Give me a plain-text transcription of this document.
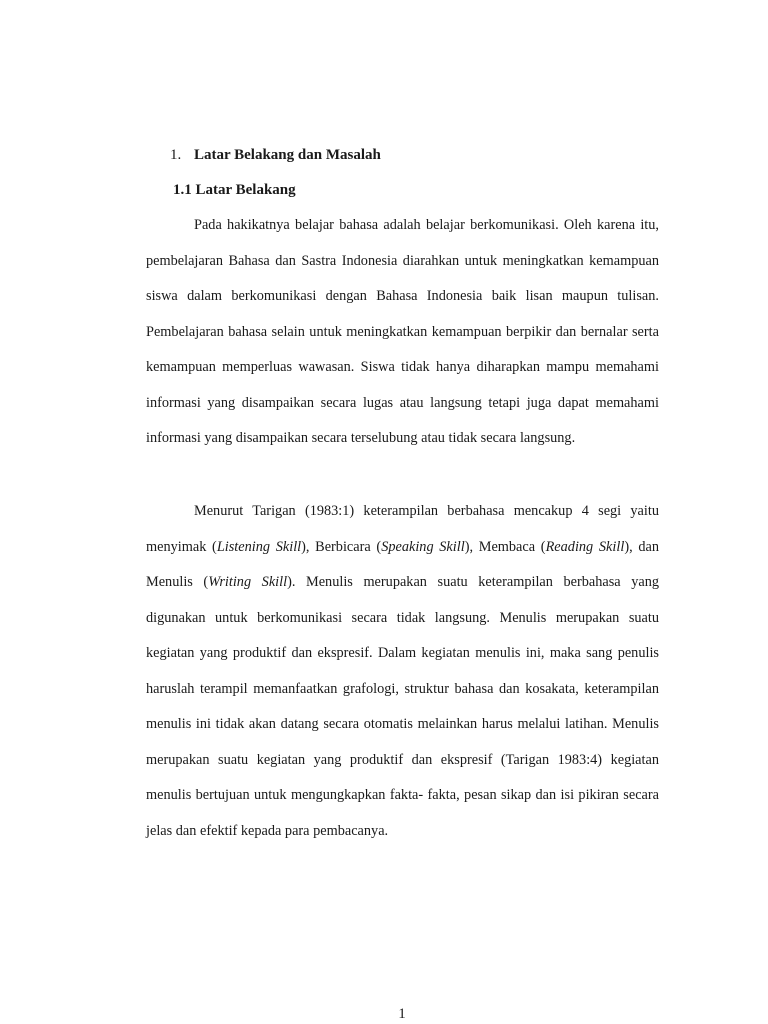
1. Latar Belakang dan Masalah
1.1 Latar Belakang

Pada hakikatnya belajar bahasa adalah belajar berkomunikasi. Oleh karena itu, pembelajaran Bahasa dan Sastra Indonesia diarahkan untuk meningkatkan kemampuan siswa dalam berkomunikasi dengan Bahasa Indonesia baik lisan maupun tulisan. Pembelajaran bahasa selain untuk meningkatkan kemampuan berpikir dan bernalar serta kemampuan memperluas wawasan. Siswa tidak hanya diharapkan mampu memahami informasi yang disampaikan secara lugas atau langsung tetapi juga dapat memahami informasi yang disampaikan secara terselubung atau tidak secara langsung.

Menurut Tarigan (1983:1) keterampilan berbahasa mencakup 4 segi yaitu menyimak (Listening Skill), Berbicara (Speaking Skill), Membaca (Reading Skill), dan Menulis (Writing Skill). Menulis merupakan suatu keterampilan berbahasa yang digunakan untuk berkomunikasi secara tidak langsung. Menulis merupakan suatu kegiatan yang produktif dan ekspresif. Dalam kegiatan menulis ini, maka sang penulis haruslah terampil memanfaatkan grafologi, struktur bahasa dan kosakata, keterampilan menulis ini tidak akan datang secara otomatis melainkan harus melalui latihan. Menulis merupakan suatu kegiatan yang produktif dan ekspresif (Tarigan 1983:4) kegiatan menulis bertujuan untuk mengungkapkan fakta- fakta, pesan sikap dan isi pikiran secara jelas dan efektif kepada para pembacanya.

1
